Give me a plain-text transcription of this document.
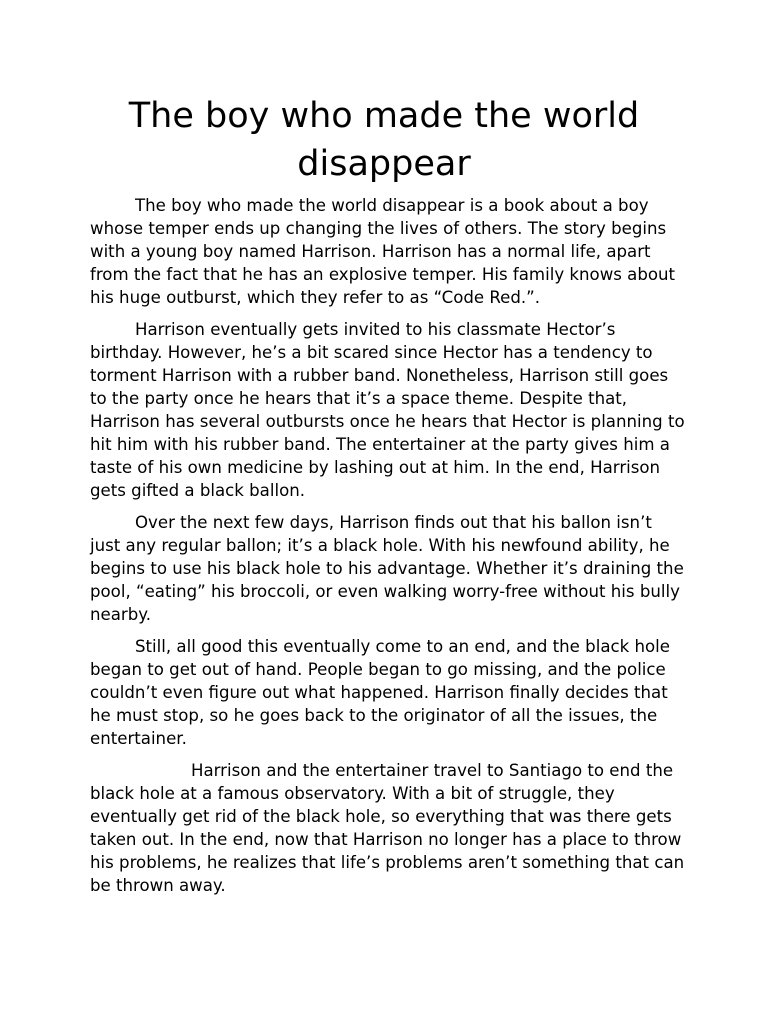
The boy who made the world disappear

The boy who made the world disappear is a book about a boy whose temper ends up changing the lives of others. The story begins with a young boy named Harrison. Harrison has a normal life, apart from the fact that he has an explosive temper. His family knows about his huge outburst, which they refer to as “Code Red.”.

Harrison eventually gets invited to his classmate Hector’s birthday. However, he’s a bit scared since Hector has a tendency to torment Harrison with a rubber band. Nonetheless, Harrison still goes to the party once he hears that it’s a space theme. Despite that, Harrison has several outbursts once he hears that Hector is planning to hit him with his rubber band. The entertainer at the party gives him a taste of his own medicine by lashing out at him. In the end, Harrison gets gifted a black ballon.

Over the next few days, Harrison finds out that his ballon isn’t just any regular ballon; it’s a black hole. With his newfound ability, he begins to use his black hole to his advantage. Whether it’s draining the pool, “eating” his broccoli, or even walking worry-free without his bully nearby.

Still, all good this eventually come to an end, and the black hole began to get out of hand. People began to go missing, and the police couldn’t even figure out what happened. Harrison finally decides that he must stop, so he goes back to the originator of all the issues, the entertainer.

Harrison and the entertainer travel to Santiago to end the black hole at a famous observatory. With a bit of struggle, they eventually get rid of the black hole, so everything that was there gets taken out. In the end, now that Harrison no longer has a place to throw his problems, he realizes that life’s problems aren’t something that can be thrown away.
